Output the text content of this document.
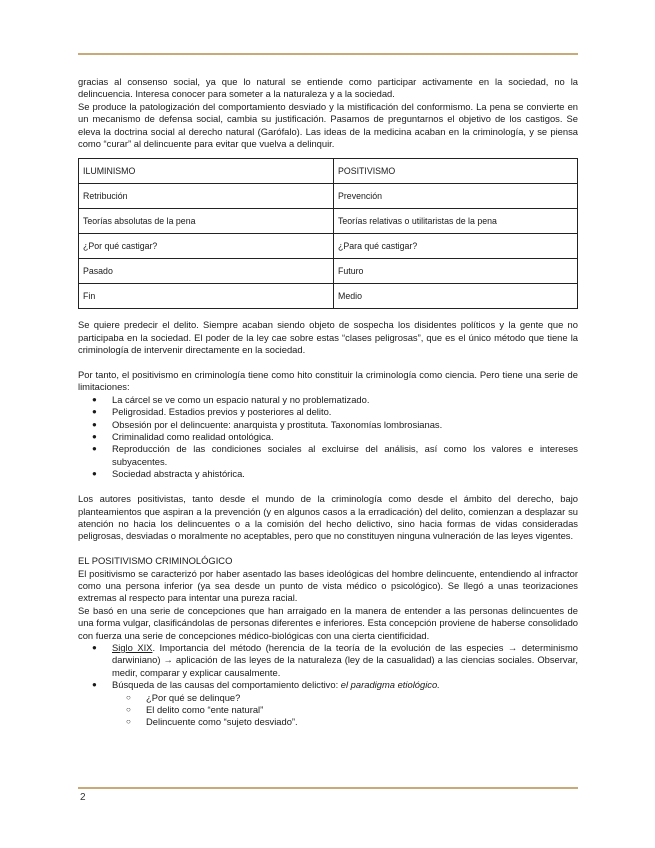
gracias al consenso social, ya que lo natural se entiende como participar activamente en la sociedad, no la delincuencia. Interesa conocer para someter a la naturaleza y a la sociedad.

Se produce la patologización del comportamiento desviado y la mistificación del conformismo. La pena se convierte en un mecanismo de defensa social, cambia su justificación. Pasamos de preguntarnos el objetivo de los castigos. Se eleva la doctrina social al derecho natural (Garófalo). Las ideas de la medicina acaban en la criminología, y se piensa como “curar” al delincuente para evitar que vuelva a delinquir.

ILUMINISMO	POSITIVISMO
Retribución	Prevención
Teorías absolutas de la pena	Teorías relativas o utilitaristas de la pena
¿Por qué castigar?	¿Para qué castigar?
Pasado	Futuro
Fin	Medio

Se quiere predecir el delito. Siempre acaban siendo objeto de sospecha los disidentes políticos y la gente que no participaba en la sociedad. El poder de la ley cae sobre estas “clases peligrosas”, que es el único método que tiene la criminología de intervenir directamente en la sociedad.

Por tanto, el positivismo en criminología tiene como hito constituir la criminología como ciencia. Pero tiene una serie de limitaciones:

● La cárcel se ve como un espacio natural y no problematizado.
● Peligrosidad. Estadios previos y posteriores al delito.
● Obsesión por el delincuente: anarquista y prostituta. Taxonomías lombrosianas.
● Criminalidad como realidad ontológica.
● Reproducción de las condiciones sociales al excluirse del análisis, así como los valores e intereses subyacentes.
● Sociedad abstracta y ahistórica.

Los autores positivistas, tanto desde el mundo de la criminología como desde el ámbito del derecho, bajo planteamientos que aspiran a la prevención (y en algunos casos a la erradicación) del delito, comienzan a desplazar su atención no hacia los delincuentes o a la comisión del hecho delictivo, sino hacia formas de vidas consideradas peligrosas, desviadas o moralmente no aceptables, pero que no constituyen ninguna vulneración de las leyes vigentes.

EL POSITIVISMO CRIMINOLÓGICO

El positivismo se caracterizó por haber asentado las bases ideológicas del hombre delincuente, entendiendo al infractor como una persona inferior (ya sea desde un punto de vista médico o psicológico). Se llegó a unas teorizaciones extremas al respecto para intentar una pureza racial.

Se basó en una serie de concepciones que han arraigado en la manera de entender a las personas delincuentes de una forma vulgar, clasificándolas de personas diferentes e inferiores. Esta concepción proviene de haberse consolidado con fuerza una serie de concepciones médico-biológicas con una cierta cientificidad.

● Siglo XIX. Importancia del método (herencia de la teoría de la evolución de las especies → determinismo darwiniano) → aplicación de las leyes de la naturaleza (ley de la casualidad) a las ciencias sociales. Observar, medir, comparar y explicar causalmente.
● Búsqueda de las causas del comportamiento delictivo: el paradigma etiológico.
○ ¿Por qué se delinque?
○ El delito como “ente natural”
○ Delincuente como “sujeto desviado”.
2
